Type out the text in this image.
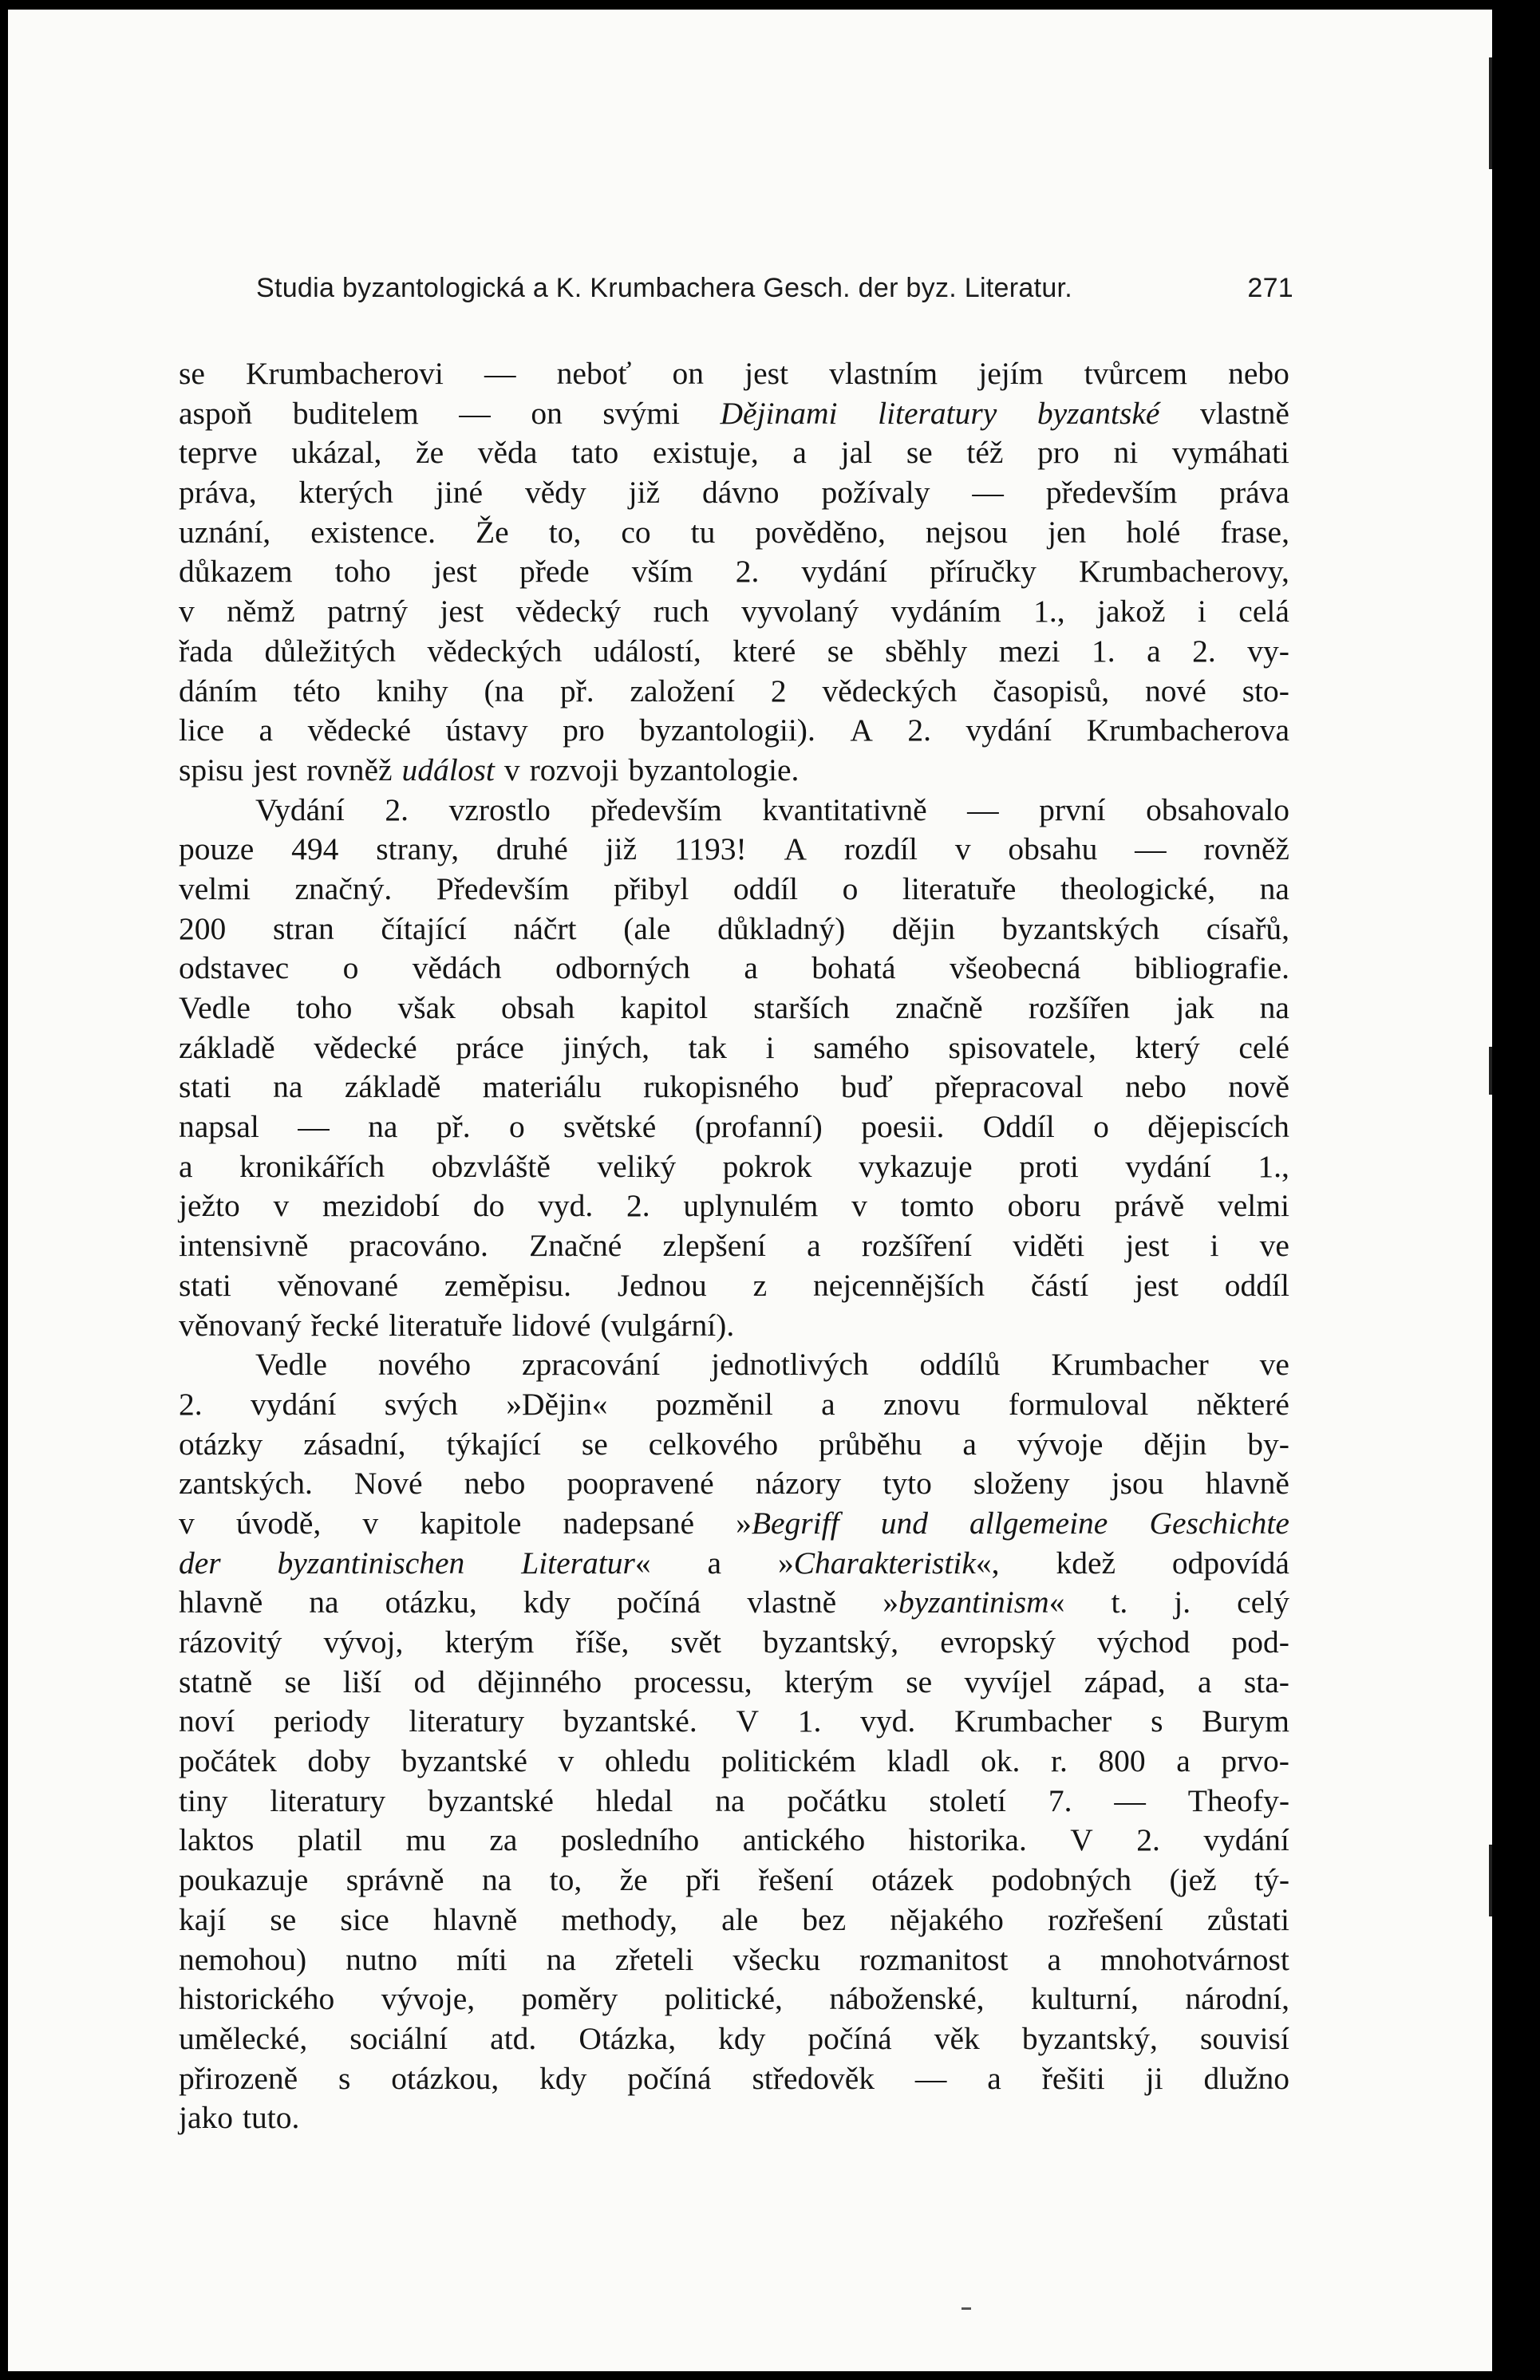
Studia byzantologická a K. Krumbachera Gesch. der byz. Literatur.	271
se Krumbacherovi — neboť on jest vlastním jejím tvůrcem nebo
aspoň buditelem — on svými Dějinami literatury byzantské vlastně
teprve ukázal, že věda tato existuje, a jal se též pro ni vymáhati
práva, kterých jiné vědy již dávno požívaly — především práva
uznání, existence. Že to, co tu pověděno, nejsou jen holé frase,
důkazem toho jest přede vším 2. vydání příručky Krumbacherovy,
v němž patrný jest vědecký ruch vyvolaný vydáním 1., jakož i celá
řada důležitých vědeckých událostí, které se sběhly mezi 1. a 2. vy-
dáním této knihy (na př. založení 2 vědeckých časopisů, nové sto-
lice a vědecké ústavy pro byzantologii). A 2. vydání Krumbacherova
spisu jest rovněž událost v rozvoji byzantologie.
Vydání 2. vzrostlo především kvantitativně — první obsahovalo
pouze 494 strany, druhé již 1193! A rozdíl v obsahu — rovněž
velmi značný. Především přibyl oddíl o literatuře theologické, na
200 stran čítající náčrt (ale důkladný) dějin byzantských císařů,
odstavec o vědách odborných a bohatá všeobecná bibliografie.
Vedle toho však obsah kapitol starších značně rozšířen jak na
základě vědecké práce jiných, tak i samého spisovatele, který celé
stati na základě materiálu rukopisného buď přepracoval nebo nově
napsal — na př. o světské (profanní) poesii. Oddíl o dějepiscích
a kronikářích obzvláště veliký pokrok vykazuje proti vydání 1.,
ježto v mezidobí do vyd. 2. uplynulém v tomto oboru právě velmi
intensivně pracováno. Značné zlepšení a rozšíření viděti jest i ve
stati věnované zeměpisu. Jednou z nejcennějších částí jest oddíl
věnovaný řecké literatuře lidové (vulgární).
Vedle nového zpracování jednotlivých oddílů Krumbacher ve
2. vydání svých »Dějin« pozměnil a znovu formuloval některé
otázky zásadní, týkající se celkového průběhu a vývoje dějin by-
zantských. Nové nebo poopravené názory tyto složeny jsou hlavně
v úvodě, v kapitole nadepsané »Begriff und allgemeine Geschichte
der byzantinischen Literatur« a »Charakteristik«, kdež odpovídá
hlavně na otázku, kdy počíná vlastně »byzantinism« t. j. celý
rázovitý vývoj, kterým říše, svět byzantský, evropský východ pod-
statně se liší od dějinného processu, kterým se vyvíjel západ, a sta-
noví periody literatury byzantské. V 1. vyd. Krumbacher s Burym
počátek doby byzantské v ohledu politickém kladl ok. r. 800 a prvo-
tiny literatury byzantské hledal na počátku století 7. — Theofy-
laktos platil mu za posledního antického historika. V 2. vydání
poukazuje správně na to, že při řešení otázek podobných (jež tý-
kají se sice hlavně methody, ale bez nějakého rozřešení zůstati
nemohou) nutno míti na zřeteli všecku rozmanitost a mnohotvárnost
historického vývoje, poměry politické, náboženské, kulturní, národní,
umělecké, sociální atd. Otázka, kdy počíná věk byzantský, souvisí
přirozeně s otázkou, kdy počíná středověk — a řešiti ji dlužno
jako tuto.
